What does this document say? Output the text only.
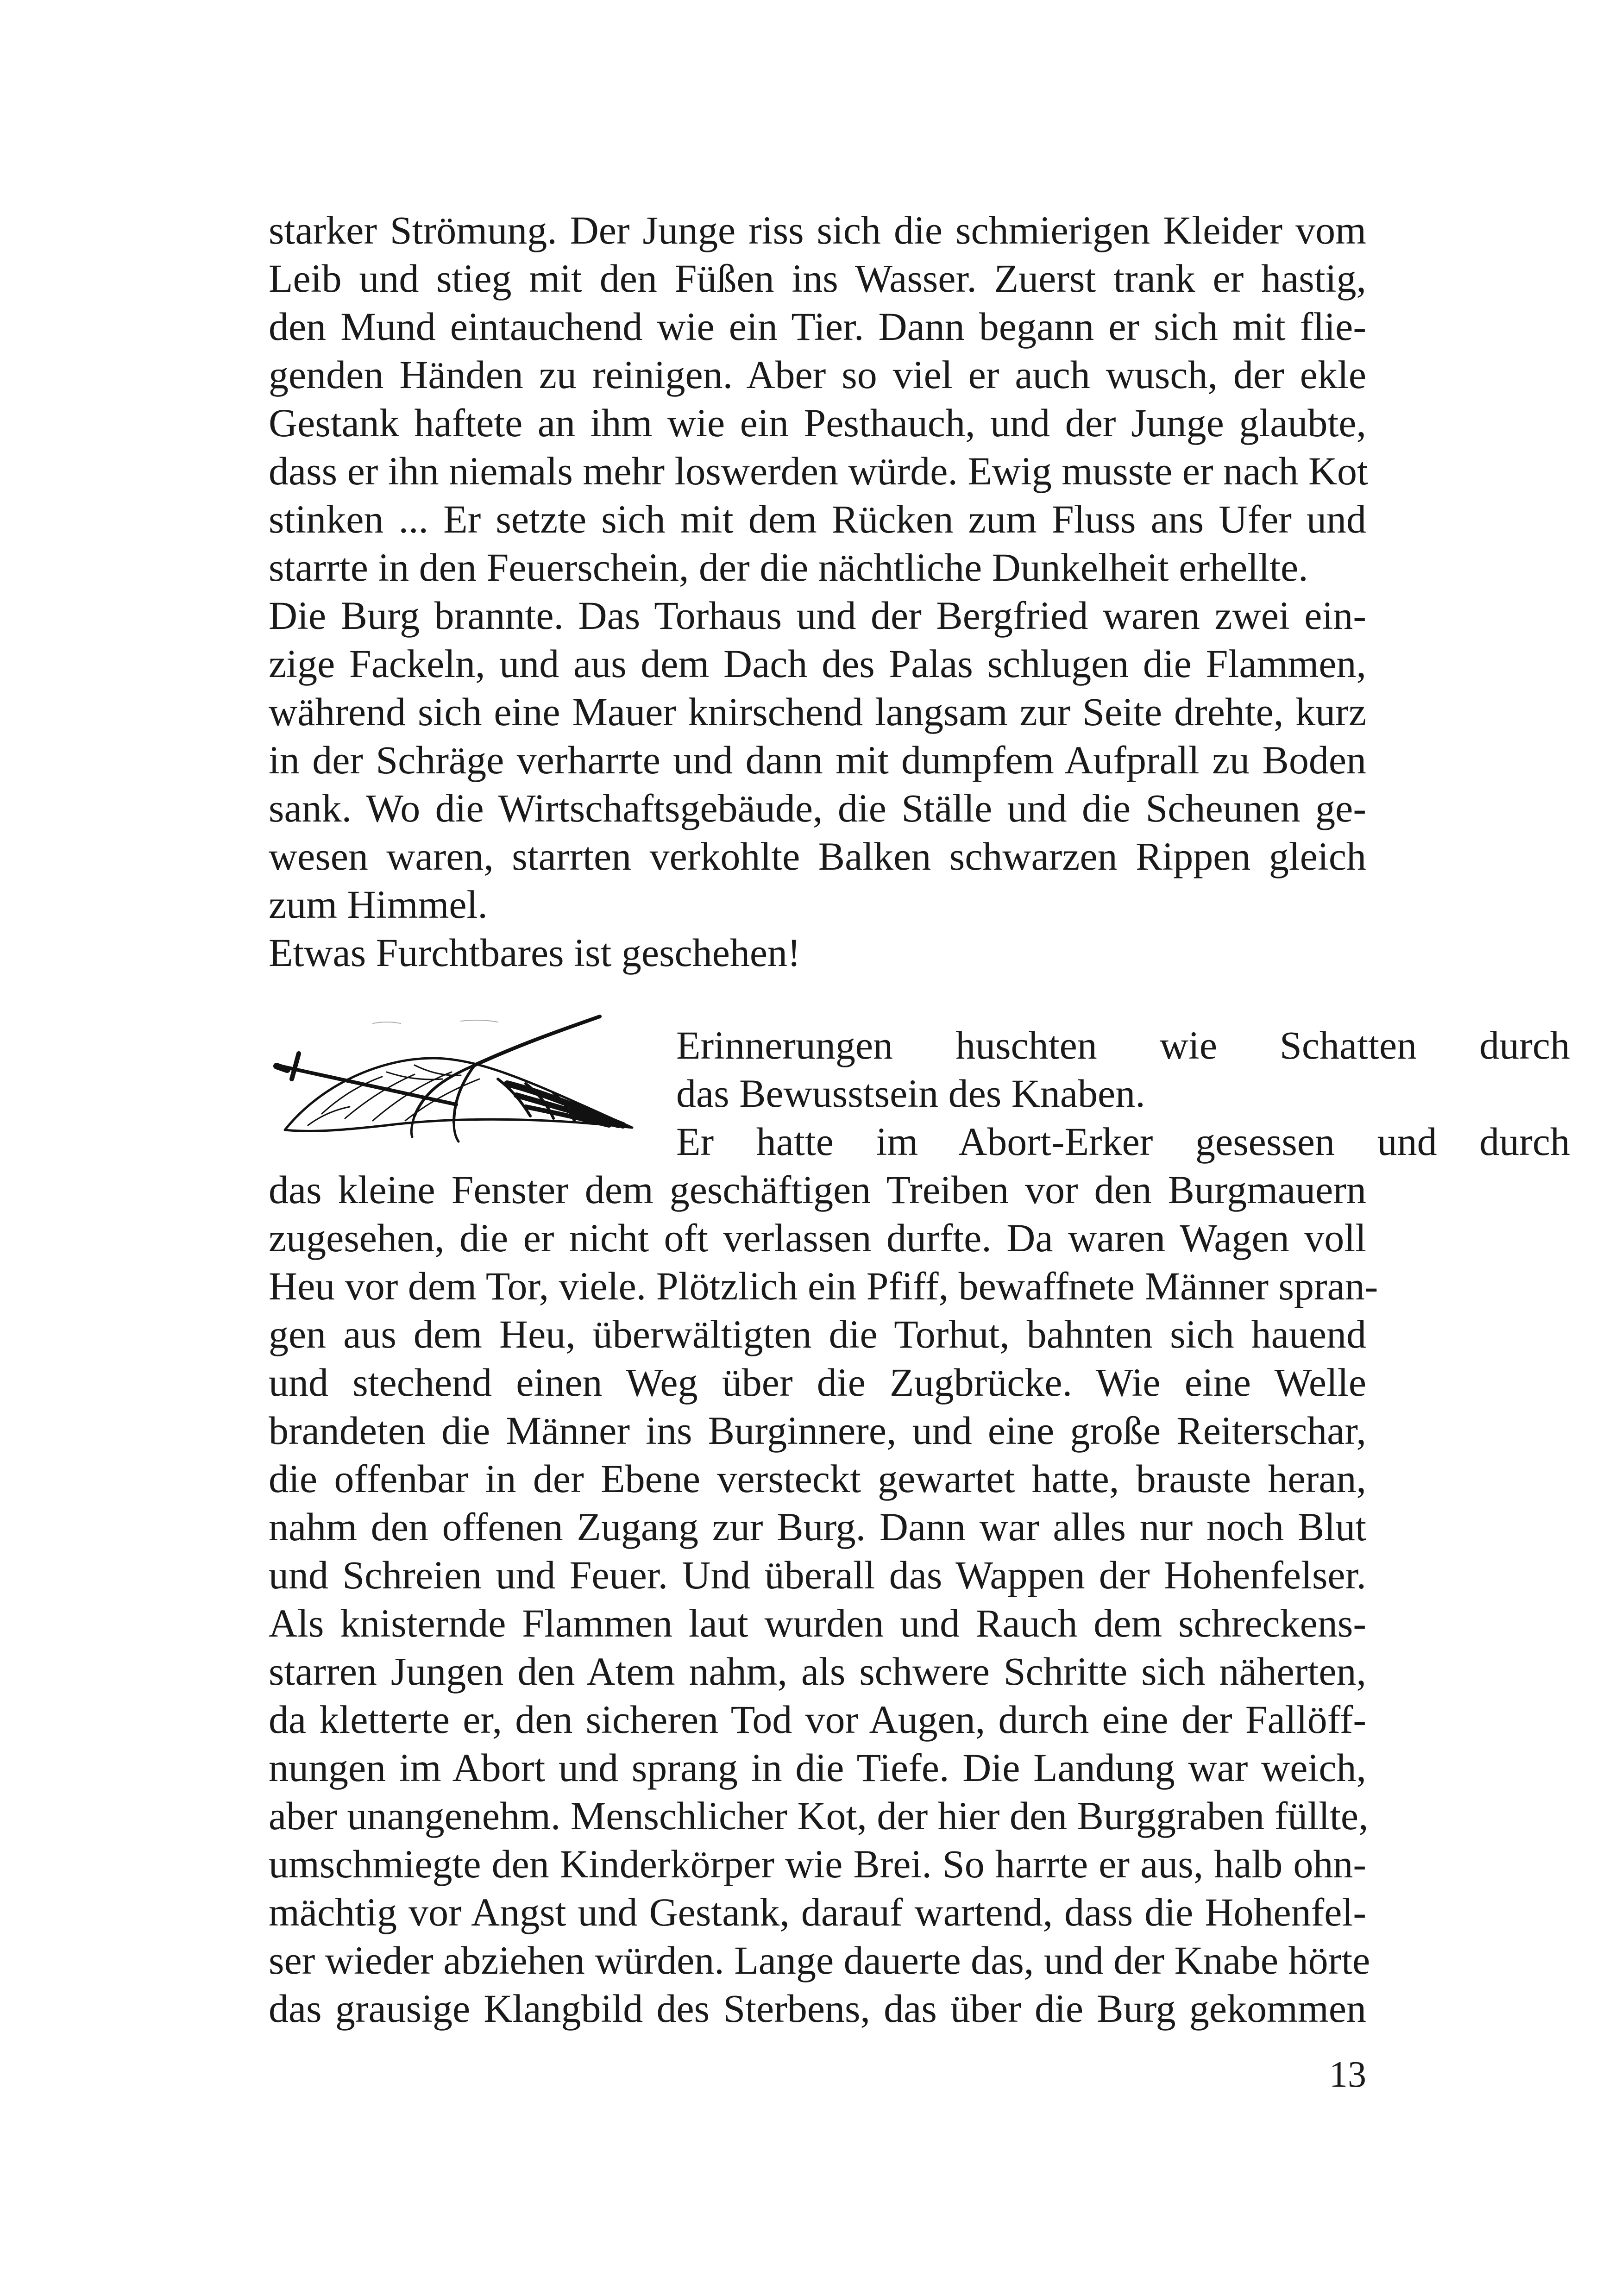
starker Strömung. Der Junge riss sich die schmierigen Kleider vom
Leib und stieg mit den Füßen ins Wasser. Zuerst trank er hastig,
den Mund eintauchend wie ein Tier. Dann begann er sich mit flie-
genden Händen zu reinigen. Aber so viel er auch wusch, der ekle
Gestank haftete an ihm wie ein Pesthauch, und der Junge glaubte,
dass er ihn niemals mehr loswerden würde. Ewig musste er nach Kot
stinken ... Er setzte sich mit dem Rücken zum Fluss ans Ufer und
starrte in den Feuerschein, der die nächtliche Dunkelheit erhellte.
Die Burg brannte. Das Torhaus und der Bergfried waren zwei ein-
zige Fackeln, und aus dem Dach des Palas schlugen die Flammen,
während sich eine Mauer knirschend langsam zur Seite drehte, kurz
in der Schräge verharrte und dann mit dumpfem Aufprall zu Boden
sank. Wo die Wirtschaftsgebäude, die Ställe und die Scheunen ge-
wesen waren, starrten verkohlte Balken schwarzen Rippen gleich
zum Himmel.
Etwas Furchtbares ist geschehen!
Erinnerungen huschten wie Schatten durch
das Bewusstsein des Knaben.
Er hatte im Abort-Erker gesessen und durch
das kleine Fenster dem geschäftigen Treiben vor den Burgmauern
zugesehen, die er nicht oft verlassen durfte. Da waren Wagen voll
Heu vor dem Tor, viele. Plötzlich ein Pfiff, bewaffnete Männer spran-
gen aus dem Heu, überwältigten die Torhut, bahnten sich hauend
und stechend einen Weg über die Zugbrücke. Wie eine Welle
brandeten die Männer ins Burginnere, und eine große Reiterschar,
die offenbar in der Ebene versteckt gewartet hatte, brauste heran,
nahm den offenen Zugang zur Burg. Dann war alles nur noch Blut
und Schreien und Feuer. Und überall das Wappen der Hohenfelser.
Als knisternde Flammen laut wurden und Rauch dem schreckens-
starren Jungen den Atem nahm, als schwere Schritte sich näherten,
da kletterte er, den sicheren Tod vor Augen, durch eine der Fallöff-
nungen im Abort und sprang in die Tiefe. Die Landung war weich,
aber unangenehm. Menschlicher Kot, der hier den Burggraben füllte,
umschmiegte den Kinderkörper wie Brei. So harrte er aus, halb ohn-
mächtig vor Angst und Gestank, darauf wartend, dass die Hohenfel-
ser wieder abziehen würden. Lange dauerte das, und der Knabe hörte
das grausige Klangbild des Sterbens, das über die Burg gekommen
13
